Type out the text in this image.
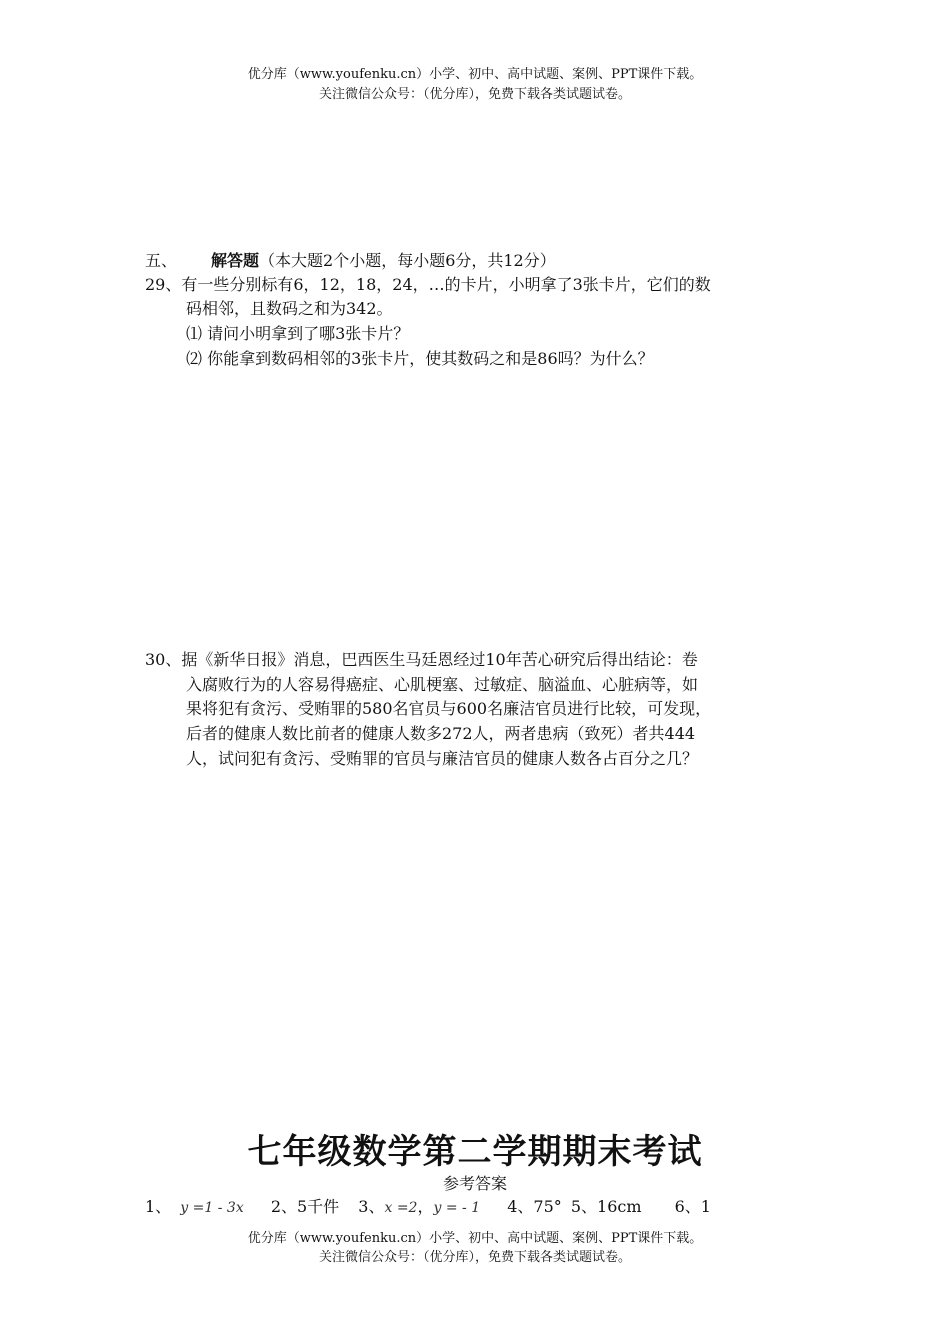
优分库（www.youfenku.cn）小学、初中、高中试题、案例、PPT课件下载。
关注微信公众号：（优分库），免费下载各类试题试卷。
五、 解答题（本大题2个小题，每小题6分，共12分）
29、有一些分别标有6，12，18，24，…的卡片，小明拿了3张卡片，它们的数
码相邻，且数码之和为342。
⑴ 请问小明拿到了哪3张卡片？
⑵ 你能拿到数码相邻的3张卡片，使其数码之和是86吗？为什么？
30、据《新华日报》消息，巴西医生马廷恩经过10年苦心研究后得出结论：卷
入腐败行为的人容易得癌症、心肌梗塞、过敏症、脑溢血、心脏病等，如
果将犯有贪污、受贿罪的580名官员与600名廉洁官员进行比较，可发现，
后者的健康人数比前者的健康人数多272人，两者患病（致死）者共444
人，试问犯有贪污、受贿罪的官员与廉洁官员的健康人数各占百分之几？
七年级数学第二学期期末考试
参考答案
1、 y =1 - 3x 2、5千件 3、x =2，y = - 1 4、75° 5、16cm 6、1
优分库（www.youfenku.cn）小学、初中、高中试题、案例、PPT课件下载。
关注微信公众号：（优分库），免费下载各类试题试卷。
